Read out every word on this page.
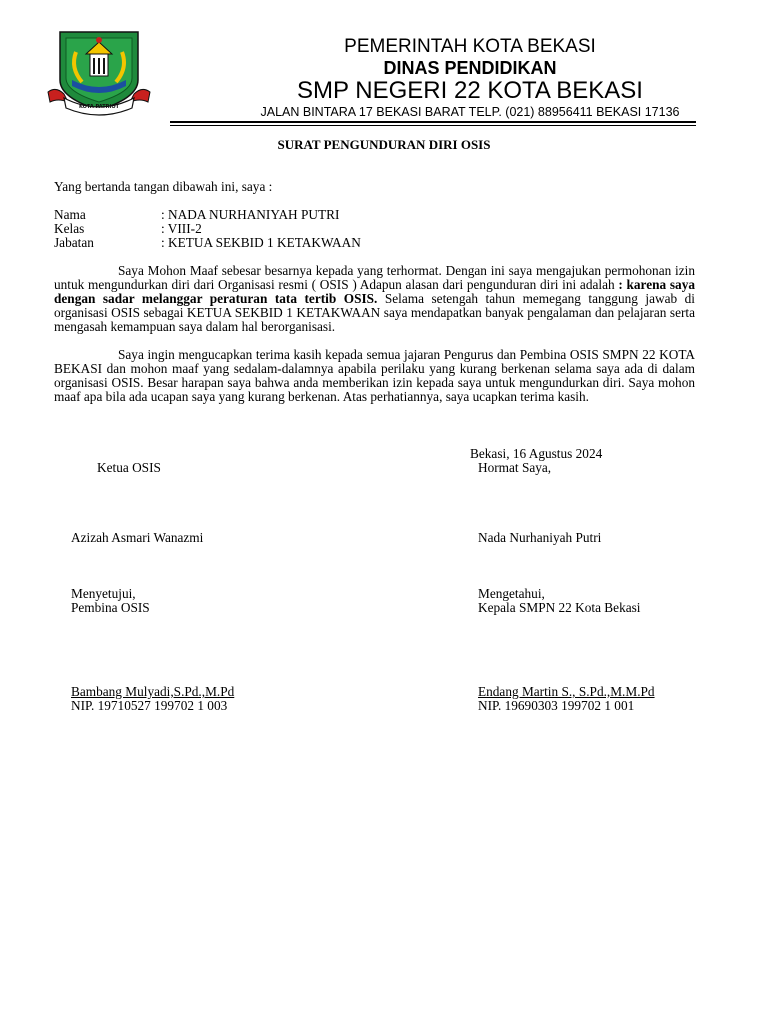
KOTA PATRIOT
PEMERINTAH KOTA BEKASI
DINAS PENDIDIKAN
SMP NEGERI 22 KOTA BEKASI
JALAN BINTARA 17 BEKASI BARAT TELP. (021) 88956411 BEKASI 17136
SURAT PENGUNDURAN DIRI OSIS
Yang bertanda tangan dibawah ini, saya :
Nama	: NADA NURHANIYAH PUTRI
Kelas	: VIII-2
Jabatan	: KETUA SEKBID 1 KETAKWAAN
Saya Mohon Maaf sebesar besarnya kepada yang terhormat. Dengan ini saya mengajukan permohonan izin untuk mengundurkan diri dari Organisasi resmi ( OSIS ) Adapun alasan dari pengunduran diri ini adalah : karena saya dengan sadar melanggar peraturan tata tertib OSIS. Selama setengah tahun memegang tanggung jawab di organisasi OSIS sebagai KETUA SEKBID 1 KETAKWAAN saya mendapatkan banyak pengalaman dan pelajaran serta mengasah kemampuan saya dalam hal berorganisasi.
Saya ingin mengucapkan terima kasih kepada semua jajaran Pengurus dan Pembina OSIS SMPN 22 KOTA BEKASI dan mohon maaf yang sedalam-dalamnya apabila perilaku yang kurang berkenan selama saya ada di dalam organisasi OSIS. Besar harapan saya bahwa anda memberikan izin kepada saya untuk mengundurkan diri. Saya mohon maaf apa bila ada ucapan saya yang kurang berkenan. Atas perhatiannya, saya ucapkan terima kasih.
Bekasi, 16 Agustus 2024
Ketua OSIS	Hormat Saya,
Azizah Asmari Wanazmi	Nada Nurhaniyah Putri
Menyetujui,
Pembina OSIS
Mengetahui,
Kepala SMPN 22 Kota Bekasi
Bambang Mulyadi,S.Pd.,M.Pd
NIP. 19710527 199702 1 003
Endang Martin S., S.Pd.,M.M.Pd
NIP. 19690303 199702 1 001
